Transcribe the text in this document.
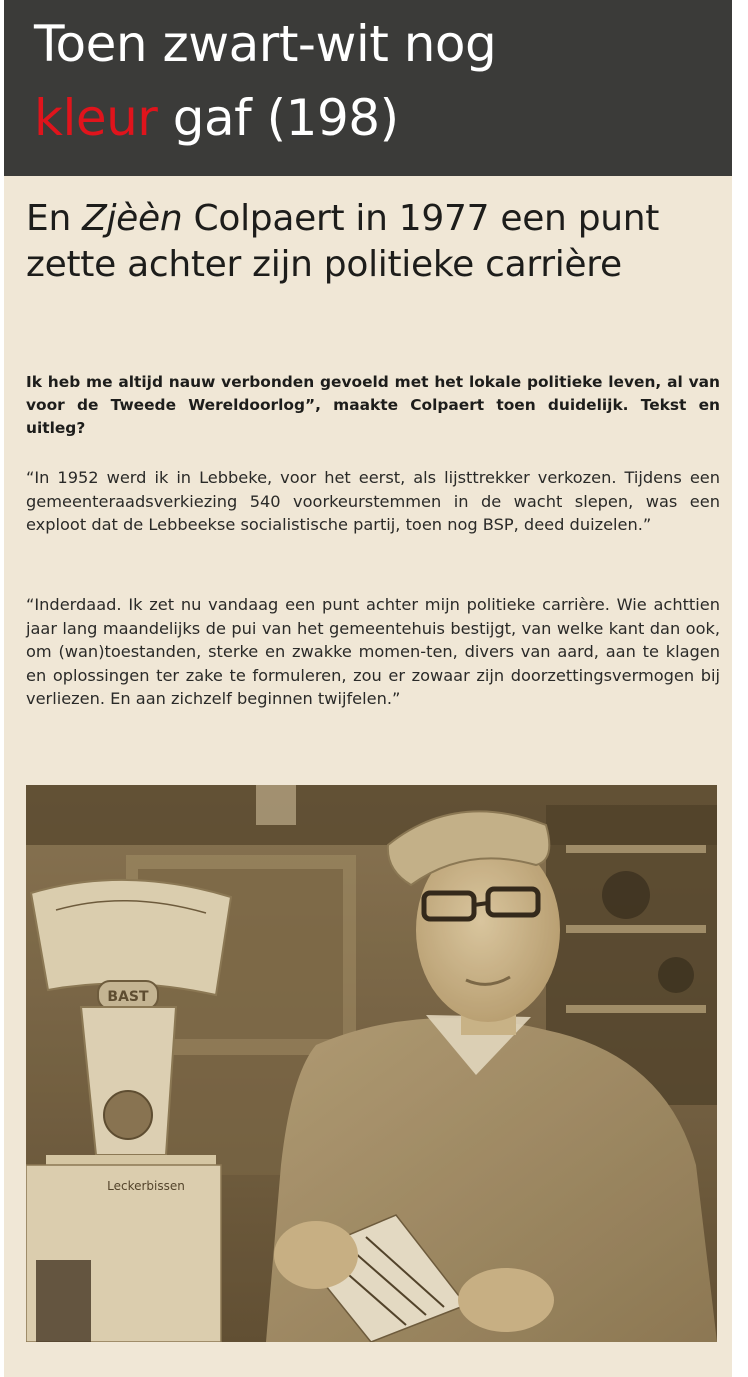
Toen zwart-wit nog
kleur gaf (198)
En Zjèèn Colpaert in 1977 een punt zette achter zijn politieke carrière
Ik heb me altijd nauw verbonden gevoeld met het lokale politieke leven, al van voor de Tweede Wereldoorlog”, maakte Colpaert toen duidelijk. Tekst en uitleg?
“In 1952 werd ik in Lebbeke, voor het eerst, als lijsttrekker verkozen. Tijdens een gemeenteraadsverkiezing 540 voorkeurstemmen in de wacht slepen, was een exploot dat de Lebbeekse socialistische partij, toen nog BSP, deed duizelen.”
“Inderdaad. Ik zet nu vandaag een punt achter mijn politieke carrière. Wie achttien jaar lang maandelijks de pui van het gemeentehuis bestijgt, van welke kant dan ook, om (wan)toestanden, sterke en zwakke momen-ten, divers van aard, aan te klagen en oplossingen ter zake te formuleren, zou er zowaar zijn doorzettingsvermogen bij verliezen. En aan zichzelf beginnen twijfelen.”
BAST
Leckerbissen
